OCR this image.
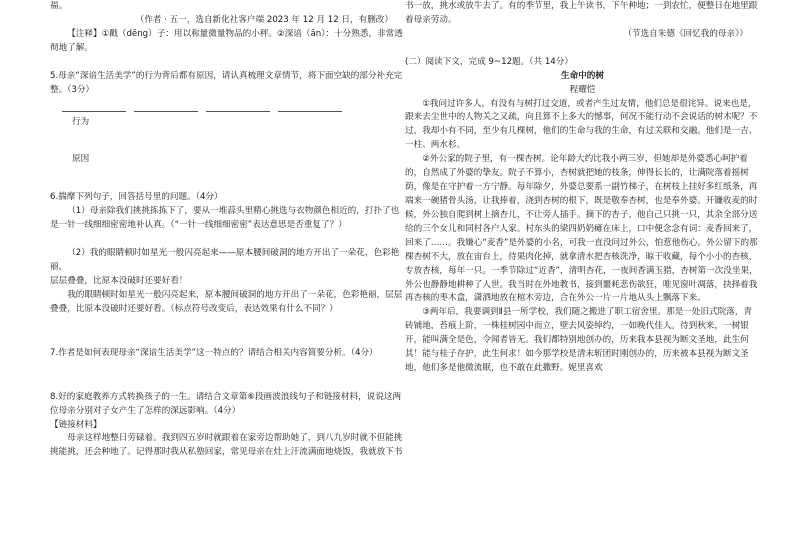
福。

（作者 · 五一，选自新化社客户端 2023 年 12 月 12 日，有删改）

【注释】①戳（dēng）子：用以称量微量物品的小秤。②深谙（ān）：十分熟悉，非常透彻地了解。

5.母亲“深谙生活美学”的行为背后都有原因，请认真梳理文章情节，将下面空缺的部分补充完整。（3分）

行为

原因

6.揣摩下列句子，回答括号里的问题。（4分）

（1）母亲除我们挑挑拣拣下了，要从一堆蒜头里精心挑选与衣物颜色相近的，打扑了也是一针一线细细密密地补认真。（“一针一线细细密密”表达意思是否重复了？）

（2）我的眼睛顿时如星光一般闪亮起来——原本腰间破洞的地方开出了一朵花，色彩艳丽，

层层叠叠，比原本没破时还要好看！

我的眼睛顿时如星光一般闪亮起来，原本腰间破洞的地方开出了一朵花，色彩艳丽，层层

叠叠，比原本没破时还要好看。（标点符号改变后，表达效果有什么不同？）

7.作者是如何表现母亲“深谙生活美学”这一特点的？请结合相关内容简要分析。（4分）

8.好的家庭教养方式转换孩子的一生。请结合文章第⑥段画波浪线句子和链接材料，说说这两位母亲分别对子女产生了怎样的深远影响。（4分）

【链接材料】

母亲这样地整日劳碌着。我到四五岁时就跟着在家旁边帮助她了，到八九岁时就不但能挑挑能挑，还会种地了。记得那时我从私塾回家，常见母亲在灶上汗流满面地烧饭，我就放下书

书一放，挑水或放牛去了。有的季节里，我上午读书，下午种地；一到农忙，便整日在地里跟着母亲劳动。

（节选自朱德《回忆我的母亲》）

(二）阅读下文，完成 9~12题。（共 14分）

生命中的树

程耀恺

①我问过许多人，有没有与树打过交道，或者产生过友情，他们总是很诧异。说来也是，跟来去尘世中的人物关之又疏，向且算不上多大的憾事，何况不能行动不会说话的树木呢？不过，我却小有不同，至少有几棵树，他们的生命与我的生命，有过关联和交融。他们是一吉、一柱、两水杉。

②外公家的院子里，有一棵杏树。论年龄大约比我小两三岁，但她却是外婆悉心呵护着的，自然成了外婆的挚友。院子不算小，杏树就把她的枝条，伸得长长的，让满院落着摇树荫，像是在守护着一方宁静。每年除夕，外婆总要系一副竹梯子，在树枝上挂好多红纸条，再端来一碗猪骨头汤，让我捧着，浇到杏树的根下，既是敬奉杏树，也是奉外婆。开镰收麦的时候，外公独自爬到树上摘杏儿，不让旁人插手。摘下的杏子，他自己只挑一只，其余全部分送给的三个女儿和同村各户人家。村东头的梁四奶奶瘫在床上，口中便念念有词：麦香回来了，回来了……。我嫌心“麦香”是外婆的小名，可我一直没问过外公，怕惹他伤心。外公留下的那棵杏树不大，放在宙台上，待果肉化掉，就拿清水把杏核洗净，晾干收藏，每个小小的杏核，专放杏核，每年一只。一季节除过“近香”，清明杏花，一夜间香满玉猎，杏树第一次没坐果，外公也静静地耕种了人世。我当时在外地教书，接到噩耗悲伤欲狂，唯见窗叶凋落，抉择着我再杏核的枣木盒，潇洒地放在棺木旁边，合在外公一片一片地从头上飘落下来。

③两年后，我要调到Ⅱ县一所学校，我们随之搬进了职工宿舍里。那是一处旧式院落，青砖铺地，苔痕上阶，一株桂树园中而立，壁去风姿绰约，一如晚代佳人。待到秋来，一树银开，能叫满全是色，令闻者皆无。我们都特别地创办的，历来我本县视为断文圣地，此生何其！能与桂子存护，此生何求！如今那学校是清末斩团时刚创办的，历来被本县视为断文圣地，他们多是他微流眠，也不敢在此撒野。妮里喜欢
